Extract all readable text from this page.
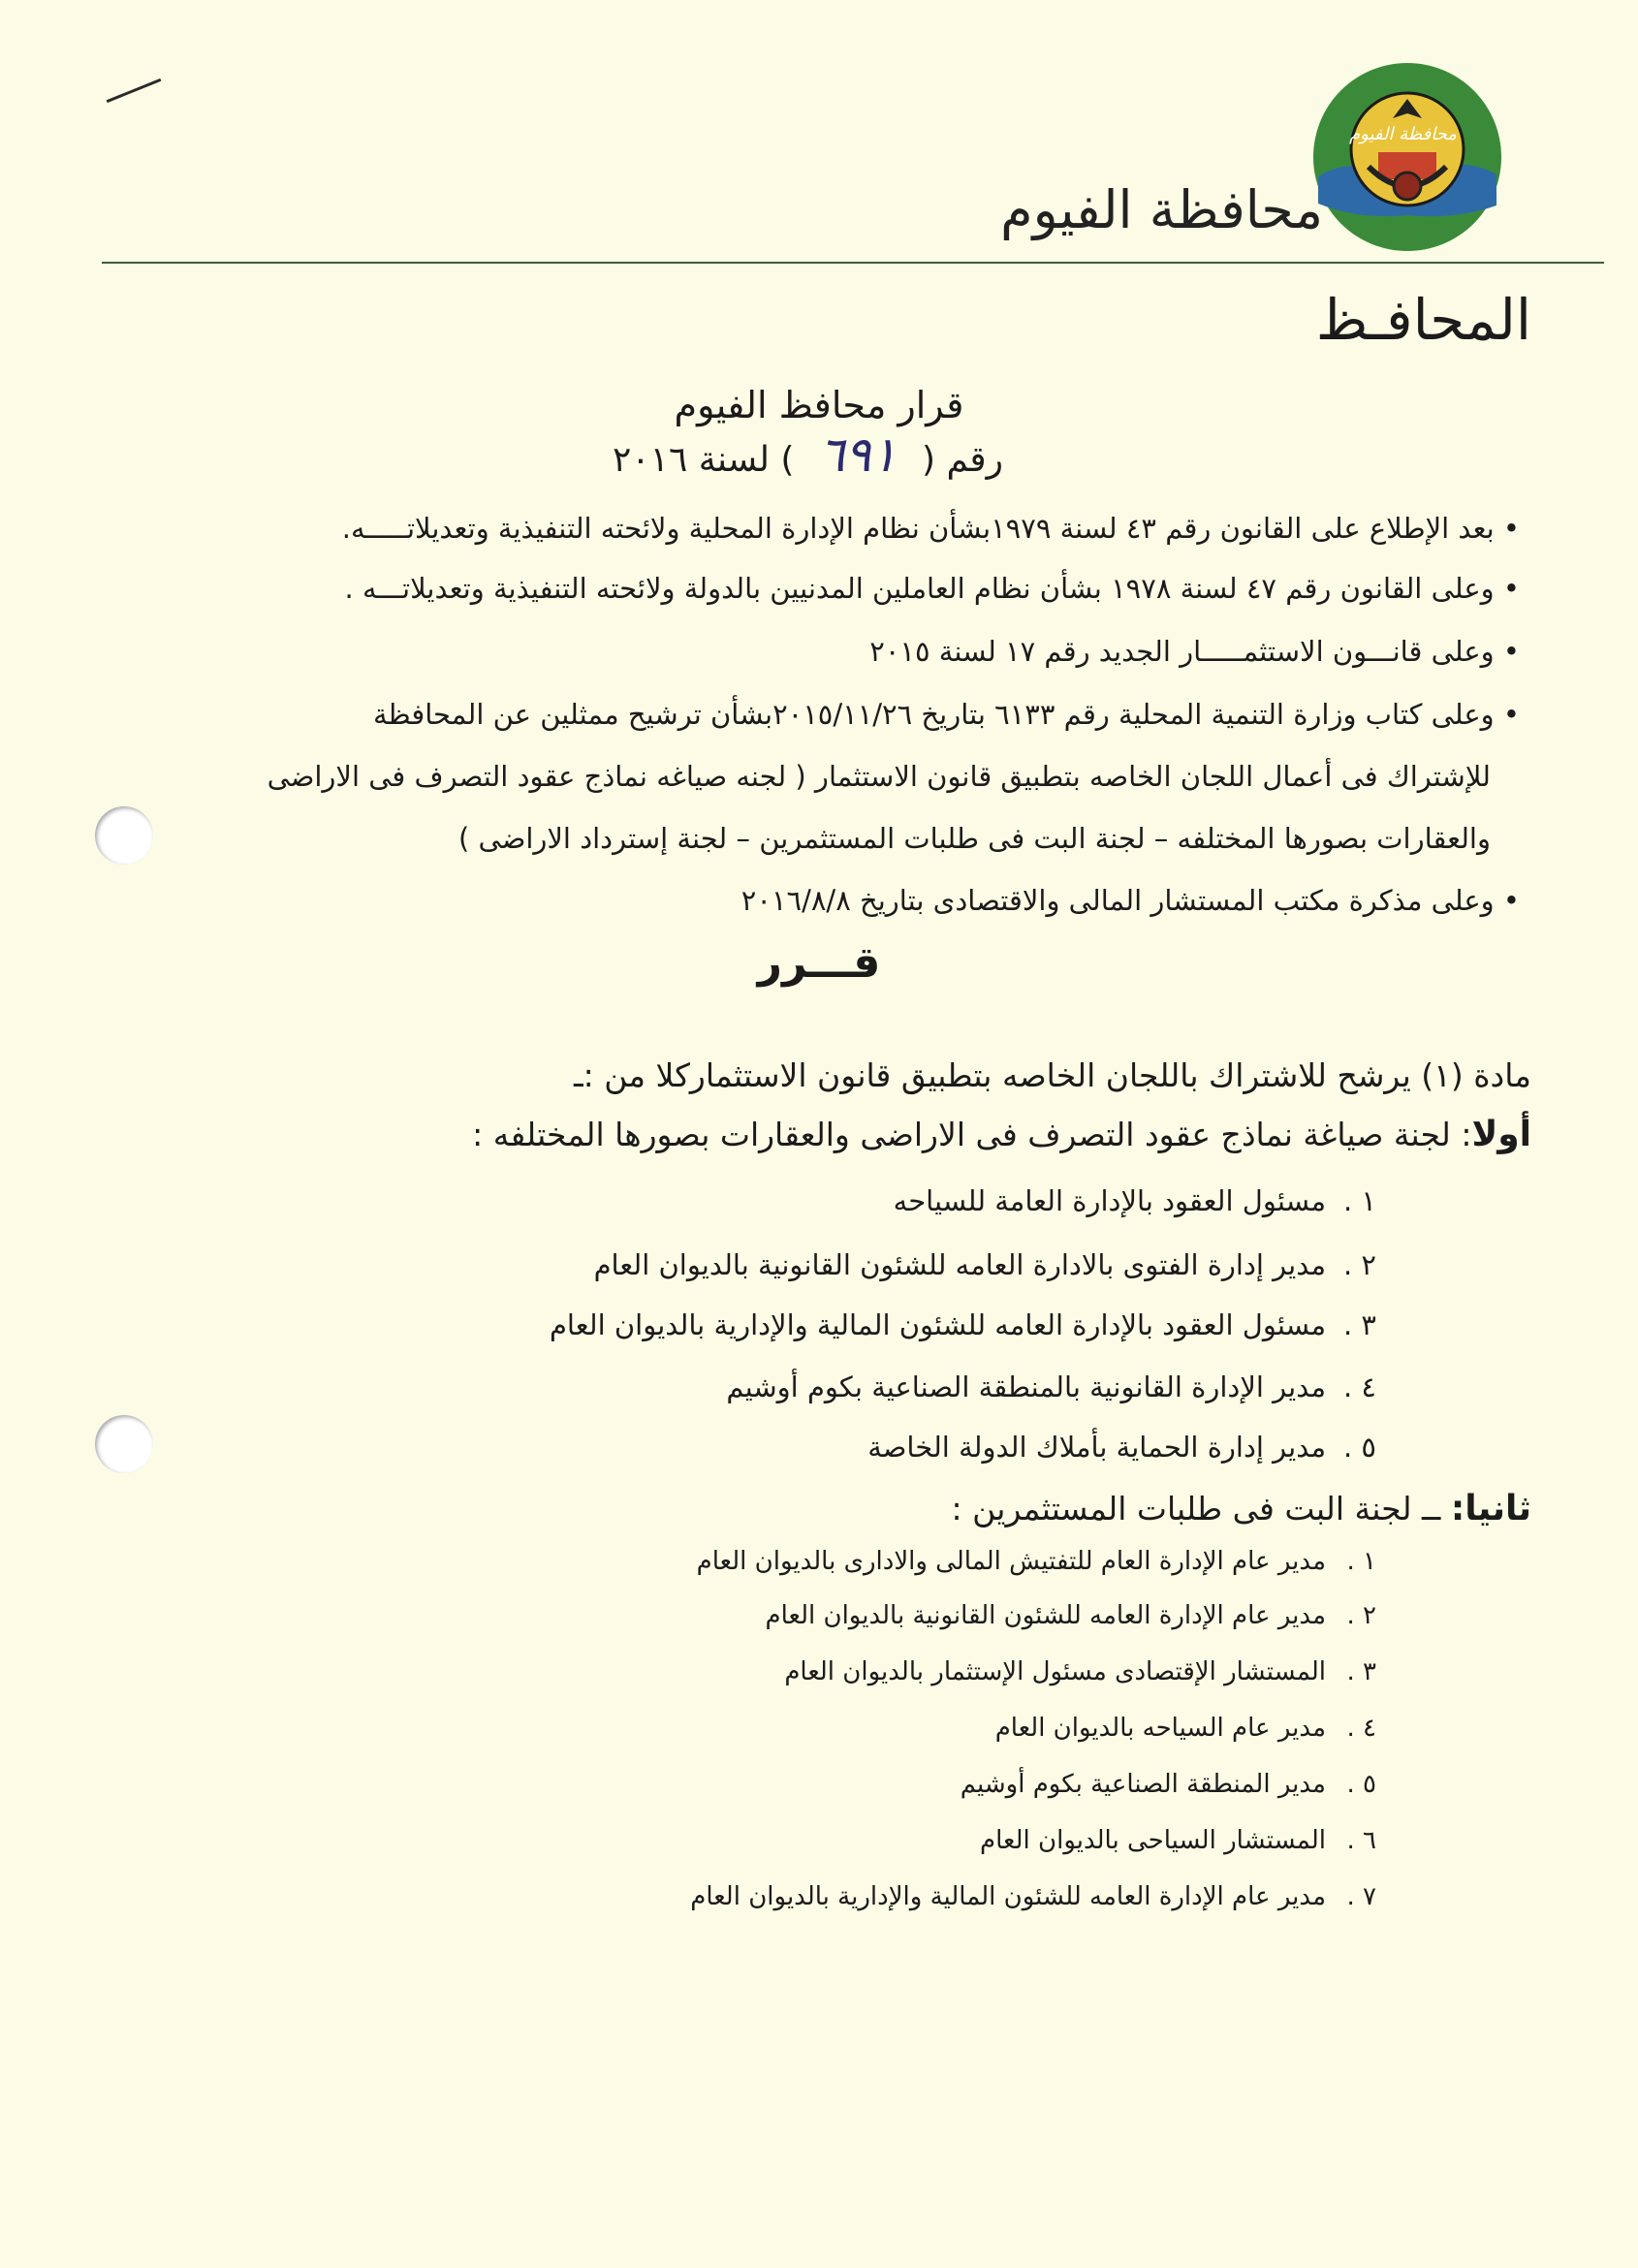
محافظة الفيوم
محافظة الفيوم
المحافـظ
قرار محافظ الفيوم
رقم ( ٦٩١ ) لسنة ٢٠١٦
• بعد الإطلاع على القانون رقم ٤٣ لسنة ١٩٧٩بشأن نظام الإدارة المحلية ولائحته التنفيذية وتعديلاتـــــه.
• وعلى القانون رقم ٤٧ لسنة ١٩٧٨ بشأن نظام العاملين المدنيين بالدولة ولائحته التنفيذية وتعديلاتـــه .
• وعلى قانـــون الاستثمـــــار الجديد رقم ١٧ لسنة ٢٠١٥
• وعلى كتاب وزارة التنمية المحلية رقم ٦١٣٣ بتاريخ ٢٠١٥/١١/٢٦بشأن ترشيح ممثلين عن المحافظة
للإشتراك فى أعمال اللجان الخاصه بتطبيق قانون الاستثمار ( لجنه صياغه نماذج عقود التصرف فى الاراضى
والعقارات بصورها المختلفه – لجنة البت فى طلبات المستثمرين – لجنة إسترداد الاراضى )
• وعلى مذكرة مكتب المستشار المالى والاقتصادى بتاريخ ٢٠١٦/٨/٨
قـــرر
مادة (١) يرشح للاشتراك باللجان الخاصه بتطبيق قانون الاستثماركلا من :ـ
أولا: لجنة صياغة نماذج عقود التصرف فى الاراضى والعقارات بصورها المختلفه :
١ .مسئول العقود بالإدارة العامة للسياحه
٢ .مدير إدارة الفتوى بالادارة العامه للشئون القانونية بالديوان العام
٣ .مسئول العقود بالإدارة العامه للشئون المالية والإدارية بالديوان العام
٤ .مدير الإدارة القانونية بالمنطقة الصناعية بكوم أوشيم
٥ .مدير إدارة الحماية بأملاك الدولة الخاصة
ثانيا: ــ لجنة البت فى طلبات المستثمرين :
١ .مدير عام الإدارة العام للتفتيش المالى والادارى بالديوان العام
٢ .مدير عام الإدارة العامه للشئون القانونية بالديوان العام
٣ .المستشار الإقتصادى مسئول الإستثمار بالديوان العام
٤ .مدير عام السياحه بالديوان العام
٥ .مدير المنطقة الصناعية بكوم أوشيم
٦ .المستشار السياحى بالديوان العام
٧ .مدير عام الإدارة العامه للشئون المالية والإدارية بالديوان العام
